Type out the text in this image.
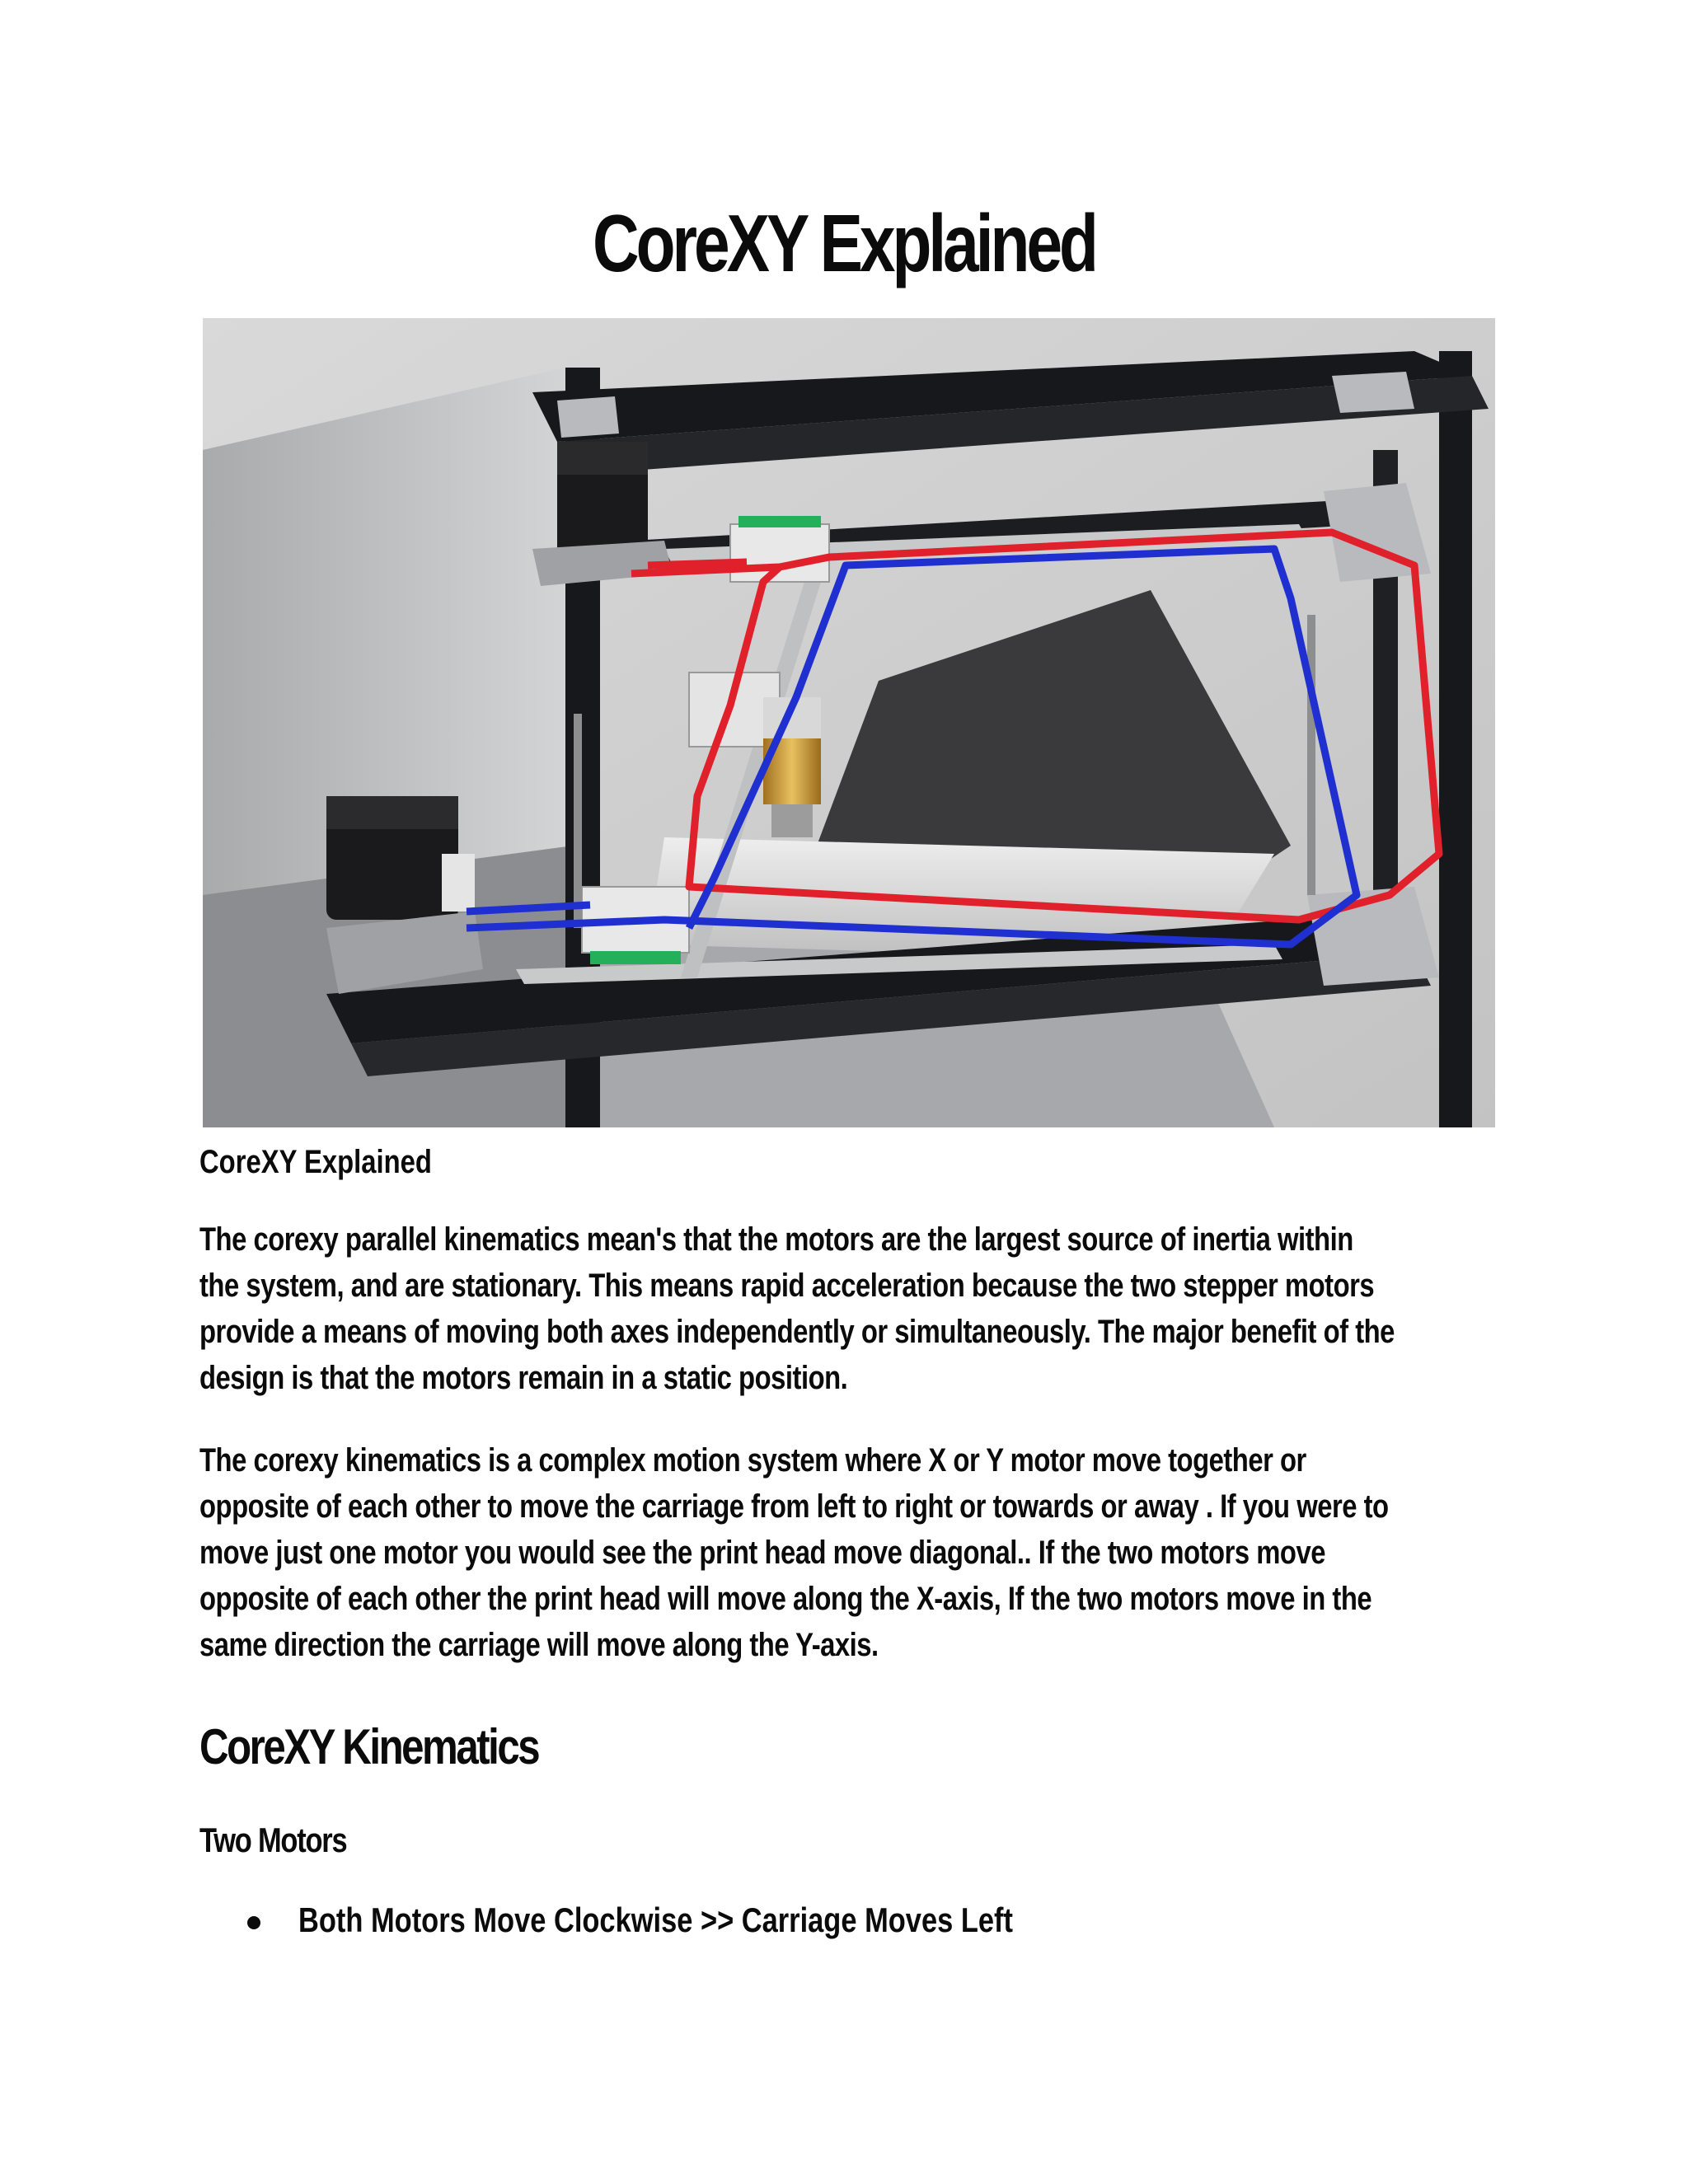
CoreXY Explained
CoreXY Explained
The corexy parallel kinematics mean's that the motors are the largest source of inertia within
the system, and are stationary. This means rapid acceleration because the two stepper motors
provide a means of moving both axes independently or simultaneously. The major benefit of the
design is that the motors remain in a static position.
The corexy kinematics is a complex motion system where X or Y motor move together or
opposite of each other to move the carriage from left to right or towards or away . If you were to
move just one motor you would see the print head move diagonal.. If the two motors move
opposite of each other the print head will move along the X-axis, If the two motors move in the
same direction the carriage will move along the Y-axis.
CoreXY Kinematics
Two Motors
Both Motors Move Clockwise >> Carriage Moves Left
